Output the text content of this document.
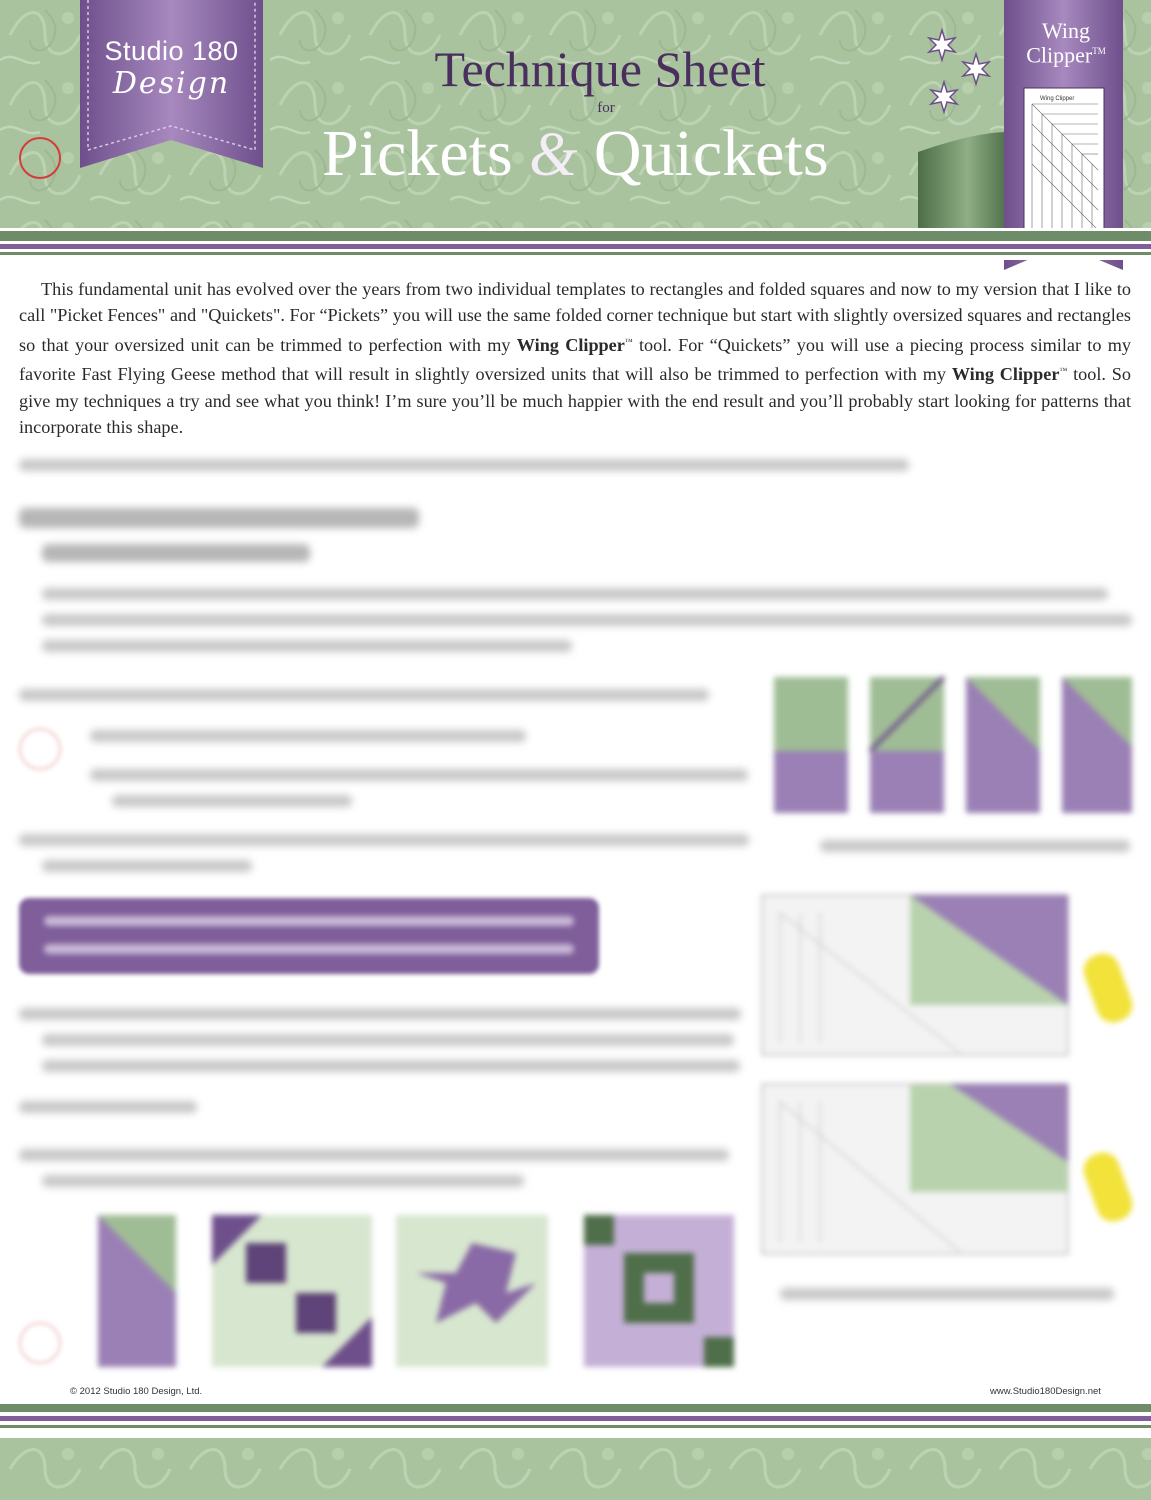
Studio 180
Design	Technique Sheet
for
Pickets & Quickets
Wing Clipper
Wing
Clipper™
This fundamental unit has evolved over the years from two individual templates to rectangles and folded squares and now to my version that I like to call "Picket Fences" and "Quickets". For “Pickets” you will use the same folded corner technique but start with slightly oversized squares and rectangles so that your oversized unit can be trimmed to perfection with my Wing Clipper™ tool. For “Quickets” you will use a piecing process similar to my favorite Fast Flying Geese method that will result in slightly oversized units that will also be trimmed to perfection with my Wing Clipper™ tool. So give my techniques a try and see what you think! I’m sure you’ll be much happier with the end result and you’ll probably start looking for patterns that incorporate this shape.
© 2012 Studio 180 Design, Ltd.	www.Studio180Design.net
